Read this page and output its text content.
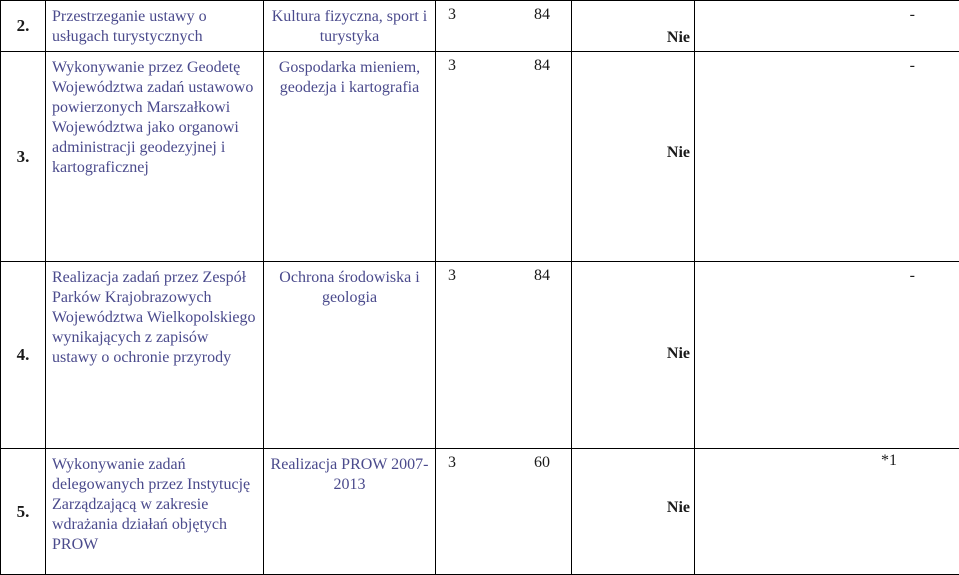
2.	Przestrzeganie ustawy o usługach turystycznych	Kultura fizyczna, sport i turystyka	3 84	Nie	-

3.	Wykonywanie przez Geodetę Województwa zadań ustawowo powierzonych Marszałkowi Województwa jako organowi administracji geodezyjnej i kartograficznej	Gospodarka mieniem, geodezja i kartografia	3 84	Nie	-

4.	Realizacja zadań przez Zespół Parków Krajobrazowych Województwa Wielkopolskiego wynikających z zapisów ustawy o ochronie przyrody	Ochrona środowiska i geologia	3 84	Nie	-

5.	Wykonywanie zadań delegowanych przez Instytucję Zarządzającą w zakresie wdrażania działań objętych PROW	Realizacja PROW 2007-2013	3 60	Nie	*1
